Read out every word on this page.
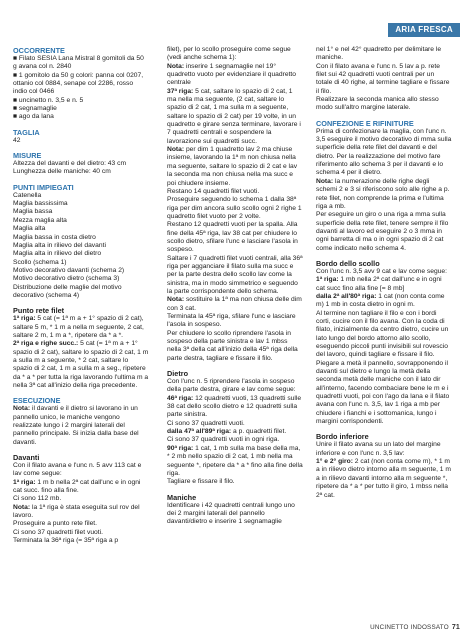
ARIA FRESCA

OCCORRENTE

■ Filato SESIA Lana Mistral 8 gomitoli da 50 g avana col n. 2840

■ 1 gomitolo da 50 g colori: panna col 0207, ottanio col 0884, senape col 2286, rosso indio col 0466

■ uncinetto n. 3,5 e n. 5

■ segnamaglie

■ ago da lana

TAGLIA

42

MISURE

Altezza del davanti e del dietro: 43 cm

Lunghezza delle maniche: 40 cm

PUNTI IMPIEGATI

Catenella

Maglia bassissima

Maglia bassa

Mezza maglia alta

Maglia alta

Maglia bassa in costa dietro

Maglia alta in rilievo del davanti

Maglia alta in rilievo del dietro

Scollo (schema 1)

Motivo decorativo davanti (schema 2)

Motivo decorativo dietro (schema 3)

Distribuzione delle maglie del motivo decorativo (schema 4)

Punto rete filet

1ª riga: 5 cat (= 1ª m a + 1° spazio di 2 cat), saltare 5 m, * 1 m a nella m seguente, 2 cat, saltare 2 m, 1 m a *, ripetere da * a *.

2ª riga e righe succ.: 5 cat (= 1ª m a + 1° spazio di 2 cat), saltare lo spazio di 2 cat, 1 m a sulla m a seguente, * 2 cat, saltare lo spazio di 2 cat, 1 m a sulla m a seg., ripetere da * a * per tutta la riga lavorando l'ultima m a nella 3ª cat all'inizio della riga precedente.

ESECUZIONE

Nota: il davanti e il dietro si lavorano in un pannello unico, le maniche vengono realizzate lungo i 2 margini laterali del pannello principale. Si inizia dalla base del davanti.

Davanti

Con il filato avana e l'unc n. 5 avv 113 cat e lav come segue:

1ª riga: 1 m b nella 2ª cat dall'unc e in ogni cat succ. fino alla fine.

Ci sono 112 mb.

Nota: la 1ª riga è stata eseguita sul rov del lavoro.

Proseguire a punto rete filet.

Ci sono 37 quadretti filet vuoti.

Terminata la 36ª riga (= 35ª riga a p

filet), per lo scollo proseguire come segue (vedi anche schema 1):

Nota: inserire 1 segnamaglie nel 19° quadretto vuoto per evidenziare il quadretto centrale

37ª riga: 5 cat, saltare lo spazio di 2 cat, 1 ma nella ma seguente, (2 cat, saltare lo spazio di 2 cat, 1 ma sulla m a seguente, saltare lo spazio di 2 cat) per 19 volte, in un quadretto e girare senza terminare, lavorare i 7 quadretti centrali e sospendere la lavorazione sui quadretti succ.

Nota: per dim 1 quadretto lav 2 ma chiuse insieme, lavorando la 1ª m non chiusa nella ma seguente, saltare lo spazio di 2 cat e lav la seconda ma non chiusa nella ma succ e poi chiudere insieme.

Restano 14 quadretti filet vuoti.

Proseguire seguendo lo schema 1 dalla 38ª riga per dim ancora sullo scollo ogni 2 righe 1 quadretto filet vuoto per 2 volte.

Restano 12 quadretti vuoti per la spalla. Alla fine della 45ª riga, lav 38 cat per chiudere lo scollo dietro, sfilare l'unc e lasciare l'asola in sospeso.

Saltare i 7 quadretti filet vuoti centrali, alla 36ª riga per agganciare il filato sulla ma succ e per la parte destra dello scollo lav come la sinistra, ma in modo simmetrico e seguendo la parte corrispondente dello schema.

Nota: sostituire la 1ª ma non chiusa delle dim con 3 cat.

Terminata la 45ª riga, sfilare l'unc e lasciare l'asola in sospeso.

Per chiudere lo scollo riprendere l'asola in sospeso della parte sinistra e lav 1 mbss nella 3ª della cat all'inizio della 45ª riga della parte destra, tagliare e fissare il filo.

Dietro

Con l'unc n. 5 riprendere l'asola in sospeso della parte destra, girare e lav come segue:

46ª riga: 12 quadretti vuoti, 13 quadretti sulle 38 cat dello scollo dietro e 12 quadretti sulla parte sinistra.

Ci sono 37 quadretti vuoti.

dalla 47ª all'89ª riga: a p. quadretti filet.

Ci sono 37 quadretti vuoti in ogni riga.

90ª riga: 1 cat, 1 mb sulla ma base della ma, * 2 mb nello spazio di 2 cat, 1 mb nella ma seguente *, ripetere da * a * fino alla fine della riga.

Tagliare e fissare il filo.

Maniche

Identificare i 42 quadretti centrali lungo uno dei 2 margini laterali del pannello davanti/dietro e inserire 1 segnamaglie

nel 1° e nel 42° quadretto per delimitare le maniche.

Con il filato avana e l'unc n. 5 lav a p. rete filet sui 42 quadretti vuoti centrali per un totale di 40 righe, al termine tagliare e fissare il filo.

Realizzare la seconda manica allo stesso modo sull'altro margine laterale.

CONFEZIONE E RIFINITURE

Prima di confezionare la maglia, con l'unc n. 3,5 eseguire il motivo decorativo di mma sulla superficie della rete filet del davanti e del dietro. Per la realizzazione del motivo fare riferimento allo schema 3 per il davanti e lo schema 4 per il dietro.

Nota: la numerazione delle righe degli schemi 2 e 3 si riferiscono solo alle righe a p. rete filet, non comprende la prima e l'ultima riga a mb.

Per eseguire un giro o una riga a mma sulla superficie della rete filet, tenere sempre il filo davanti al lavoro ed eseguire 2 o 3 mma in ogni barretta di ma o in ogni spazio di 2 cat come indicato nello schema 4.

Bordo dello scollo

Con l'unc n. 3,5 avv 9 cat e lav come segue:

1ª riga: 1 mb nella 2ª cat dall'unc e in ogni cat succ fino alla fine [= 8 mb]

dalla 2ª all'80ª riga: 1 cat (non conta come m) 1 mb in costa dietro in ogni m.

Al termine non tagliare il filo e con i bordi corti, cucire con il filo avana. Con la coda di filato, inizialmente da centro dietro, cucire un lato lungo del bordo attorno allo scollo, eseguendo piccoli punti invisibili sul rovescio del lavoro, quindi tagliare e fissare il filo.

Piegare a metà il pannello, sovrapponendo il davanti sul dietro e lungo la metà della seconda metà delle maniche con il lato dir all'interno, facendo combaciare bene le m e i quadretti vuoti, poi con l'ago da lana e il filato avana con l'unc n. 3,5, lav 1 riga a mb per chiudere i fianchi e i sottomanica, lungo i margini corrispondenti.

Bordo inferiore

Unire il filato avana su un lato del margine inferiore e con l'unc n. 3,5 lav:

1° e 2° giro: 2 cat (non conta come m), * 1 m a in rilievo dietro intorno alla m seguente, 1 m a in rilievo davanti intorno alla m seguente *, ripetere da * a * per tutto il giro, 1 mbss nella 2ª cat.

UNCINETTO INDOSSATO 71
